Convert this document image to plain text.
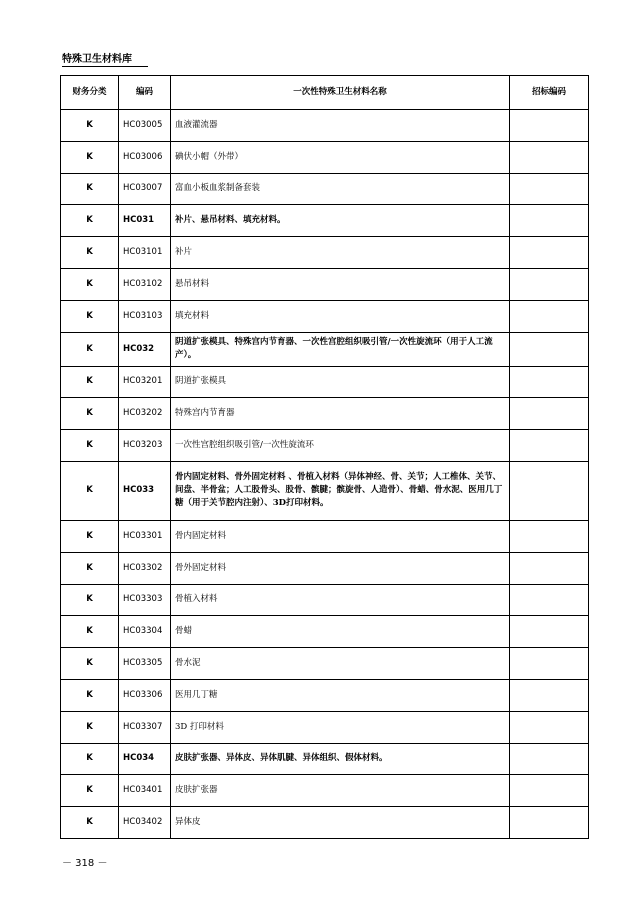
特殊卫生材料库
财务分类	编码	一次性特殊卫生材料名称	招标编码
K	HC03005	血液灌流器	
K	HC03006	碘伏小帽（外带）	
K	HC03007	富血小板血浆制备套装	
K	HC031	补片、悬吊材料、填充材料。	
K	HC03101	补片	
K	HC03102	悬吊材料	
K	HC03103	填充材料	
K	HC032	阴道扩张模具、特殊宫内节育器、一次性宫腔组织吸引管/一次性旋流环（用于人工流产）。	
K	HC03201	阴道扩张模具	
K	HC03202	特殊宫内节育器	
K	HC03203	一次性宫腔组织吸引管/一次性旋流环	
K	HC033	骨内固定材料、骨外固定材料 、骨植入材料（异体神经、骨、关节；人工椎体、关节、间盘、半骨盆；人工股骨头、股骨、髌腱；髌旋骨、人造骨）、骨蜡、骨水泥、医用几丁糖（用于关节腔内注射）、3D打印材料。	
K	HC03301	骨内固定材料	
K	HC03302	骨外固定材料	
K	HC03303	骨植入材料	
K	HC03304	骨蜡	
K	HC03305	骨水泥	
K	HC03306	医用几丁糖	
K	HC03307	3D 打印材料	
K	HC034	皮肤扩张器、异体皮、异体肌腱、异体组织、假体材料。	
K	HC03401	皮肤扩张器	
K	HC03402	异体皮	
－ 318 －
